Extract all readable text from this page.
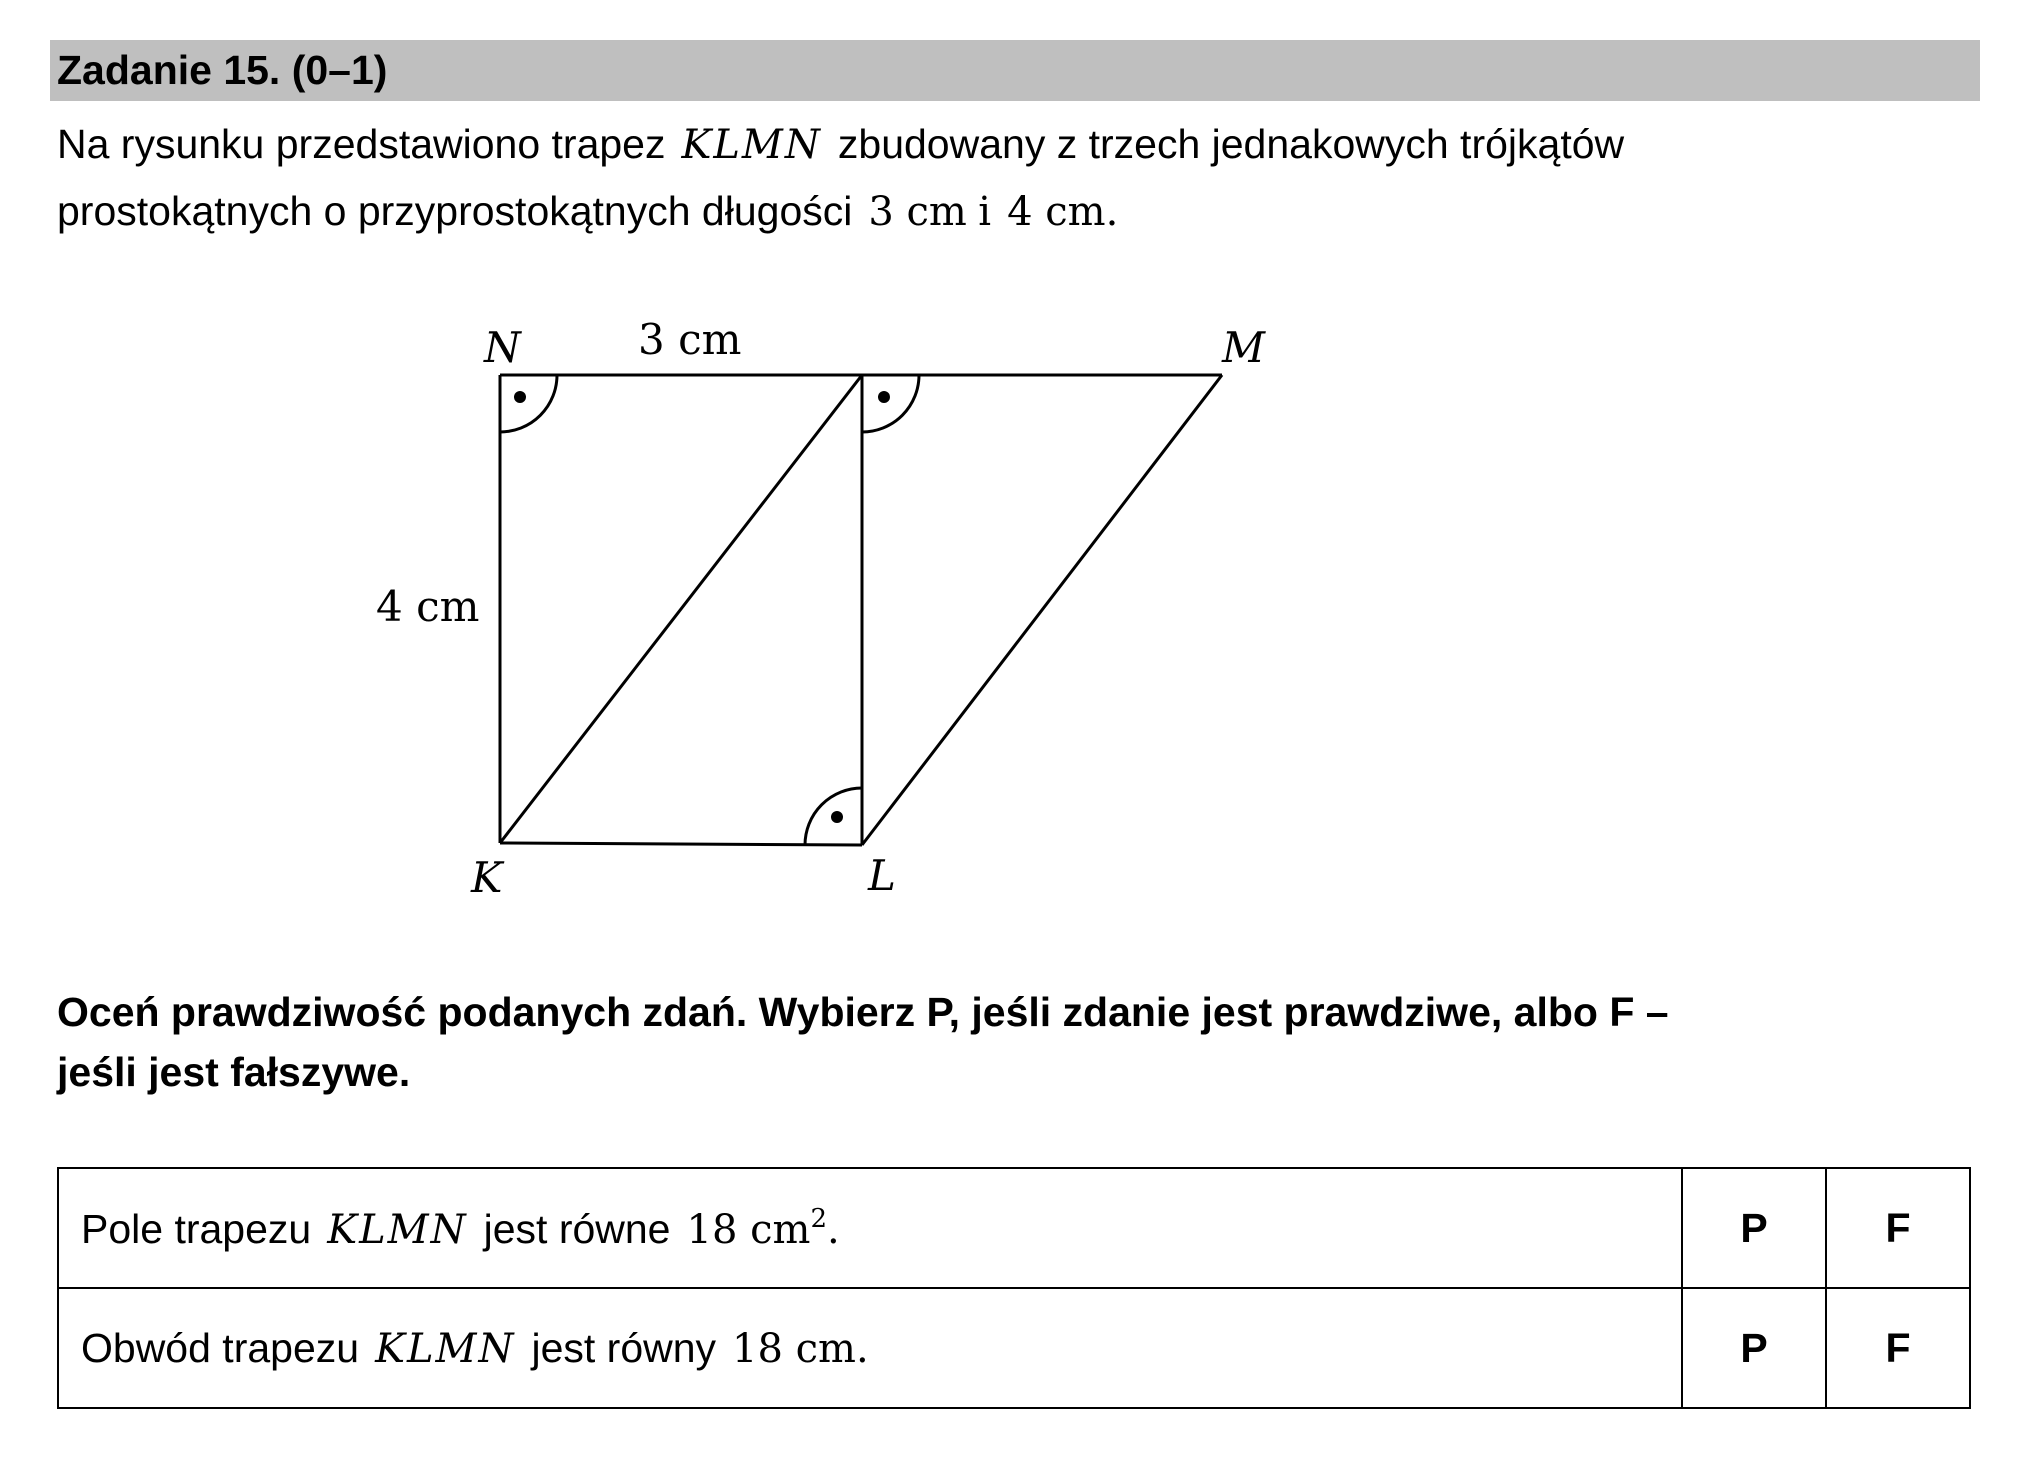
Zadanie 15. (0–1)
Na rysunku przedstawiono trapez KLMN zbudowany z trzech jednakowych trójkątów
prostokątnych o przyprostokątnych długości 3 cm i 4 cm.
N	M
K	L
3 cm
4 cm
Oceń prawdziwość podanych zdań. Wybierz P, jeśli zdanie jest prawdziwe, albo F –
jeśli jest fałszywe.
Pole trapezu KLMN jest równe 18 $cm^2$.	P	F
Obwód trapezu KLMN jest równy 18 cm.	P	F
